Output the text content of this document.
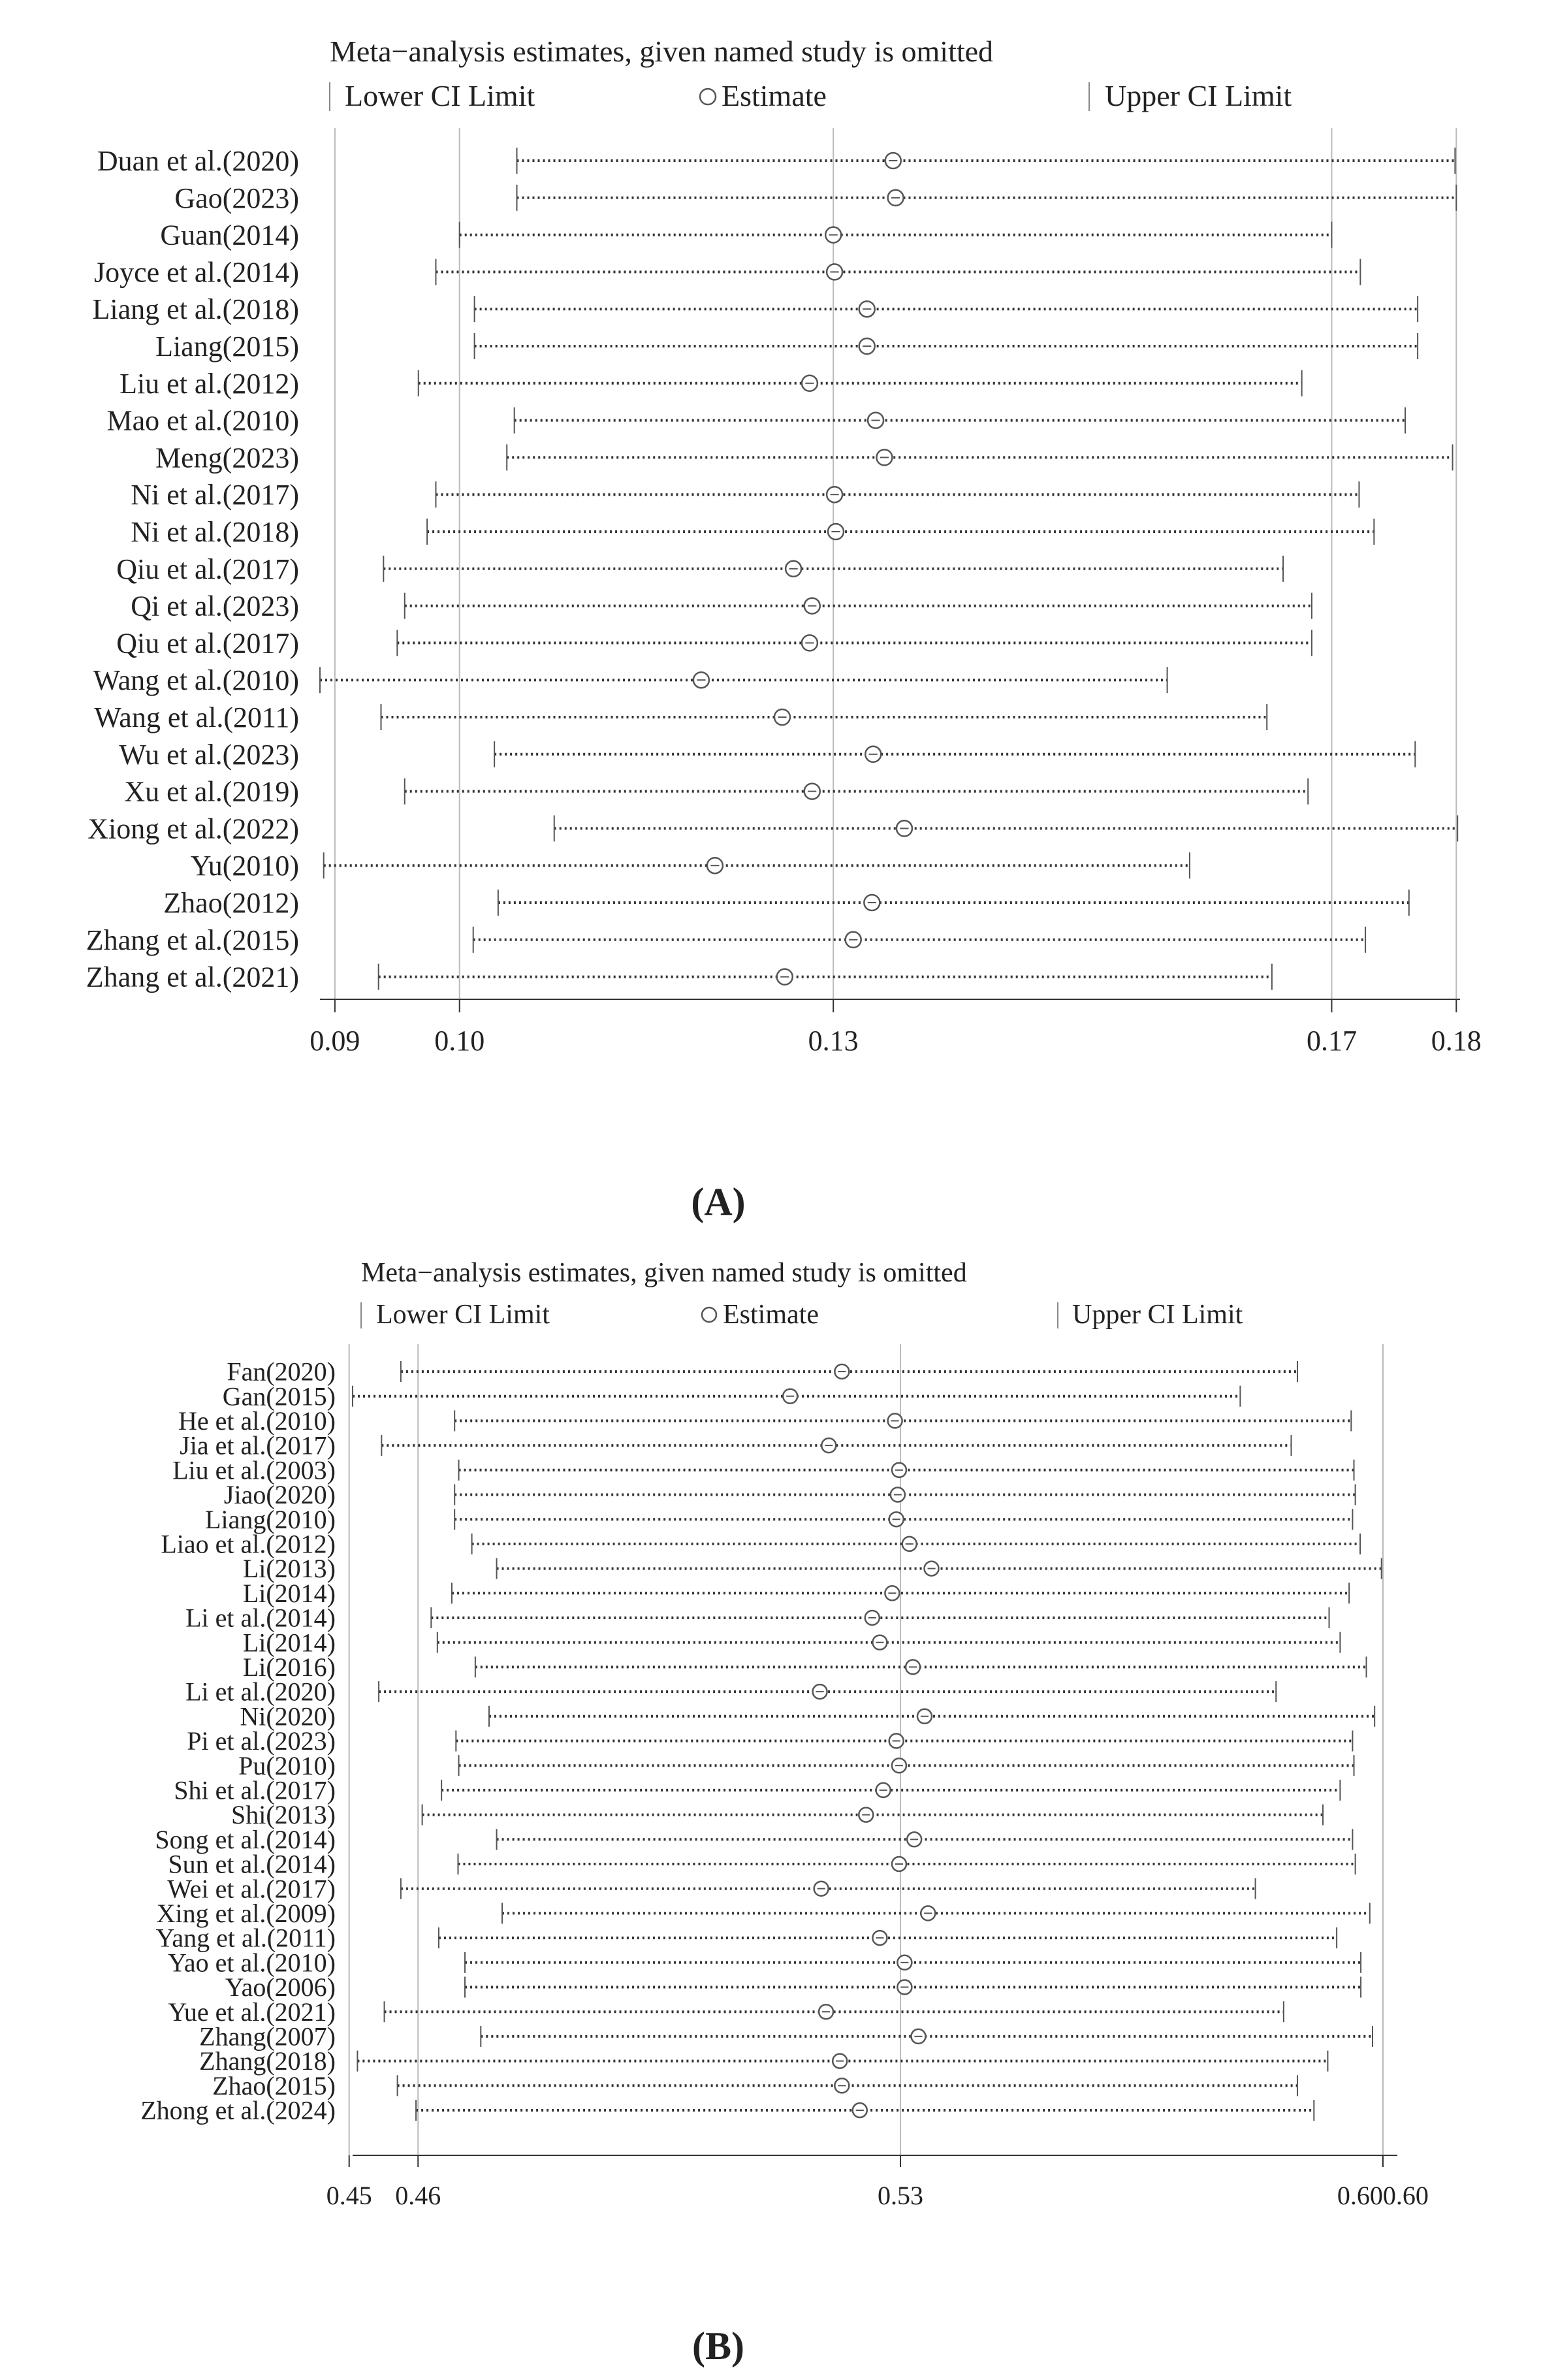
Meta−analysis estimates, given named study is omitted
Lower CI Limit	Estimate	Upper CI Limit
Duan et al.(2020)
Gao(2023)
Guan(2014)
Joyce et al.(2014)
Liang et al.(2018)
Liang(2015)
Liu et al.(2012)
Mao et al.(2010)
Meng(2023)
Ni et al.(2017)
Ni et al.(2018)
Qiu et al.(2017)
Qi et al.(2023)
Qiu et al.(2017)
Wang et al.(2010)
Wang et al.(2011)
Wu et al.(2023)
Xu et al.(2019)
Xiong et al.(2022)
Yu(2010)
Zhao(2012)
Zhang et al.(2015)
Zhang et al.(2021)
0.09	0.10	0.13	0.17	0.18
(A)
Meta−analysis estimates, given named study is omitted
Lower CI Limit	Estimate	Upper CI Limit
Fan(2020)
Gan(2015)
He et al.(2010)
Jia et al.(2017)
Liu et al.(2003)
Jiao(2020)
Liang(2010)
Liao et al.(2012)
Li(2013)
Li(2014)
Li et al.(2014)
Li(2014)
Li(2016)
Li et al.(2020)
Ni(2020)
Pi et al.(2023)
Pu(2010)
Shi et al.(2017)
Shi(2013)
Song et al.(2014)
Sun et al.(2014)
Wei et al.(2017)
Xing et al.(2009)
Yang et al.(2011)
Yao et al.(2010)
Yao(2006)
Yue et al.(2021)
Zhang(2007)
Zhang(2018)
Zhao(2015)
Zhong et al.(2024)
0.45 0.46	0.53	0.60 0.60
(B)
